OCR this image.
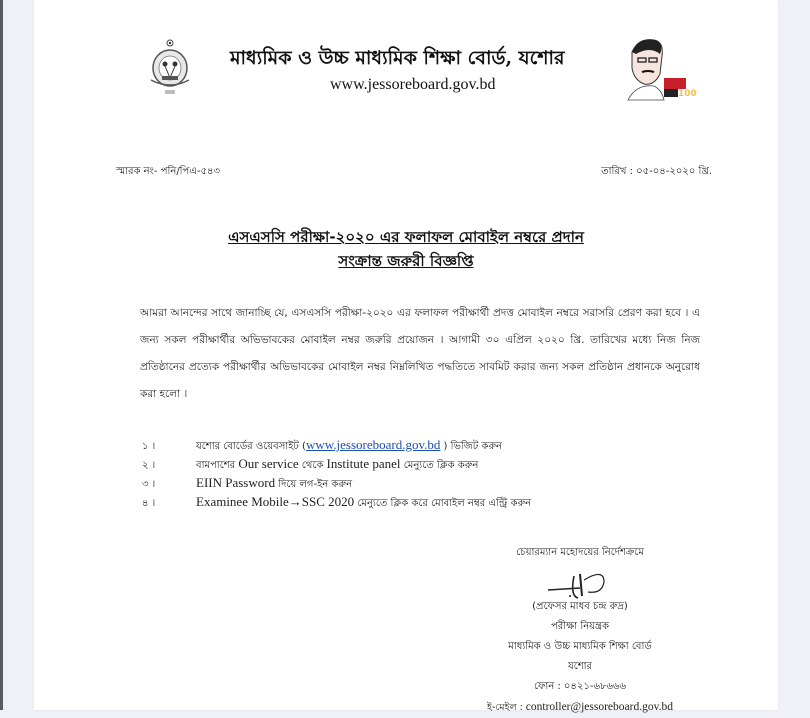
মাধ্যমিক ও উচ্চ মাধ্যমিক শিক্ষা বোর্ড, যশোর
www.jessoreboard.gov.bd
100
স্মারক নং- পনি/পিএ-৫৪৩	তারিখ : ০৫-০৪-২০২০ খ্রি.
এসএসসি পরীক্ষা-২০২০ এর ফলাফল মোবাইল নম্বরে প্রদান
সংক্রান্ত জরুরী বিজ্ঞপ্তি
আমরা আনন্দের সাথে জানাচ্ছি যে, এসএসসি পরীক্ষা-২০২০ এর ফলাফল পরীক্ষার্থী প্রদত্ত মোবাইল নম্বরে সরাসরি প্রেরণ করা হবে । এ জন্য সকল পরীক্ষার্থীর অভিভাবকের মোবাইল নম্বর জরুরি প্রয়োজন । আগামী ৩০ এপ্রিল ২০২০ খ্রি. তারিখের মধ্যে নিজ নিজ প্রতিষ্ঠানের প্রত্যেক পরীক্ষার্থীর অভিভাবকের মোবাইল নম্বর নিম্নলিখিত পদ্ধতিতে সাবমিট করার জন্য সকল প্রতিষ্ঠান প্রধানকে অনুরোধ করা হলো ।
১ ।	যশোর বোর্ডের ওয়েবসাইট (www.jessoreboard.gov.bd ) ভিজিট করুন
২ ।	বামপাশের Our service থেকে Institute panel মেন্যুতে ক্লিক করুন
৩ ।	EIIN Password দিয়ে লগ-ইন করুন
৪ ।	Examinee Mobile→SSC 2020 মেন্যুতে ক্লিক করে মোবাইল নম্বর এন্ট্রি করুন
চেয়ারম্যান মহোদয়ের নির্দেশক্রমে
(প্রফেসর মাধব চন্দ্র রুদ্র)
পরীক্ষা নিয়ন্ত্রক
মাধ্যমিক ও উচ্চ মাধ্যমিক শিক্ষা বোর্ড
যশোর
ফোন : ০৪২১-৬৮৬৬৬
ই-মেইল : controller@jessoreboard.gov.bd
